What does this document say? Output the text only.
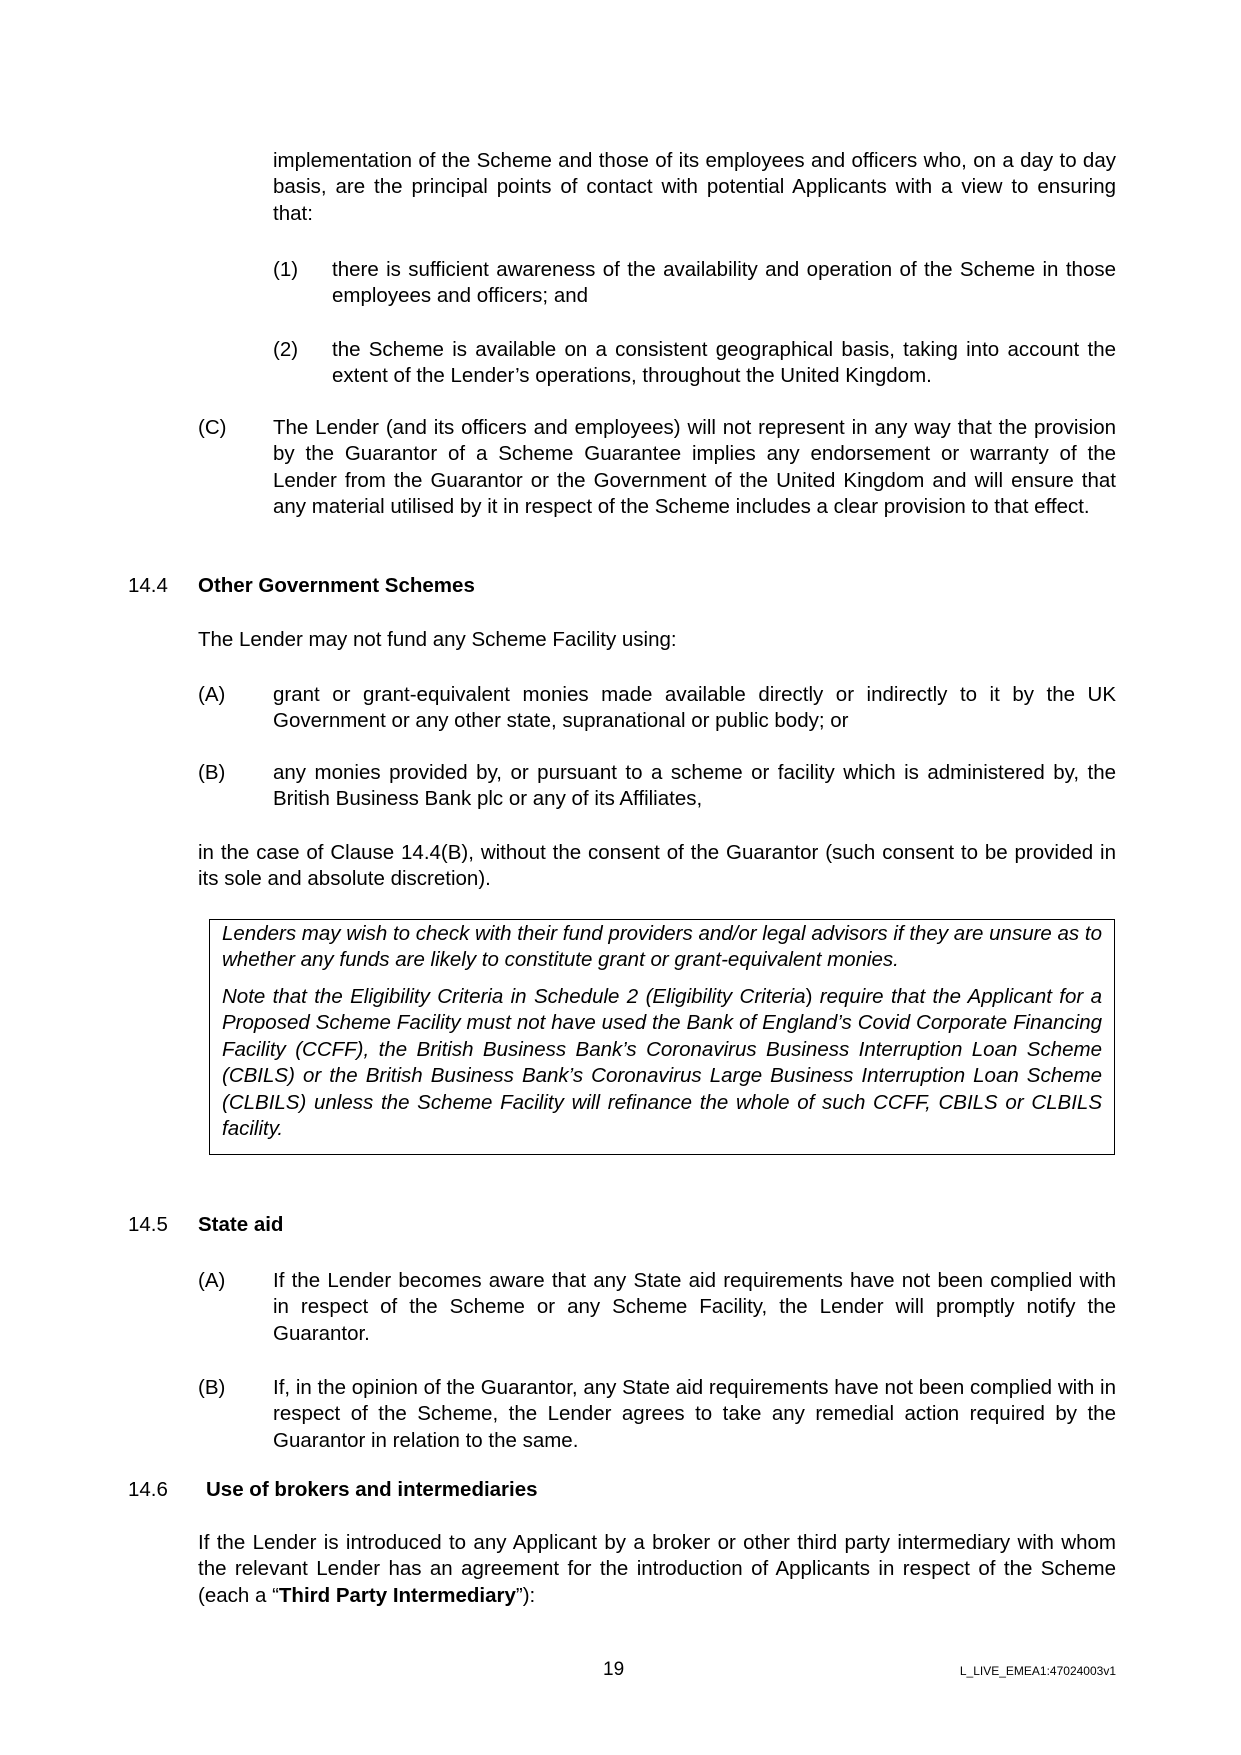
implementation of the Scheme and those of its employees and officers who, on a day to day basis, are the principal points of contact with potential Applicants with a view to ensuring that:
(1) there is sufficient awareness of the availability and operation of the Scheme in those employees and officers; and
(2) the Scheme is available on a consistent geographical basis, taking into account the extent of the Lender’s operations, throughout the United Kingdom.
(C) The Lender (and its officers and employees) will not represent in any way that the provision by the Guarantor of a Scheme Guarantee implies any endorsement or warranty of the Lender from the Guarantor or the Government of the United Kingdom and will ensure that any material utilised by it in respect of the Scheme includes a clear provision to that effect.
14.4 Other Government Schemes
The Lender may not fund any Scheme Facility using:
(A) grant or grant-equivalent monies made available directly or indirectly to it by the UK Government or any other state, supranational or public body; or
(B) any monies provided by, or pursuant to a scheme or facility which is administered by, the British Business Bank plc or any of its Affiliates,
in the case of Clause 14.4(B), without the consent of the Guarantor (such consent to be provided in its sole and absolute discretion).
Lenders may wish to check with their fund providers and/or legal advisors if they are unsure as to whether any funds are likely to constitute grant or grant-equivalent monies.
Note that the Eligibility Criteria in Schedule 2 (Eligibility Criteria) require that the Applicant for a Proposed Scheme Facility must not have used the Bank of England’s Covid Corporate Financing Facility (CCFF), the British Business Bank’s Coronavirus Business Interruption Loan Scheme (CBILS) or the British Business Bank’s Coronavirus Large Business Interruption Loan Scheme (CLBILS) unless the Scheme Facility will refinance the whole of such CCFF, CBILS or CLBILS facility.
14.5 State aid
(A) If the Lender becomes aware that any State aid requirements have not been complied with in respect of the Scheme or any Scheme Facility, the Lender will promptly notify the Guarantor.
(B) If, in the opinion of the Guarantor, any State aid requirements have not been complied with in respect of the Scheme, the Lender agrees to take any remedial action required by the Guarantor in relation to the same.
14.6 Use of brokers and intermediaries
If the Lender is introduced to any Applicant by a broker or other third party intermediary with whom the relevant Lender has an agreement for the introduction of Applicants in respect of the Scheme (each a “Third Party Intermediary”):
19	L_LIVE_EMEA1:47024003v1
